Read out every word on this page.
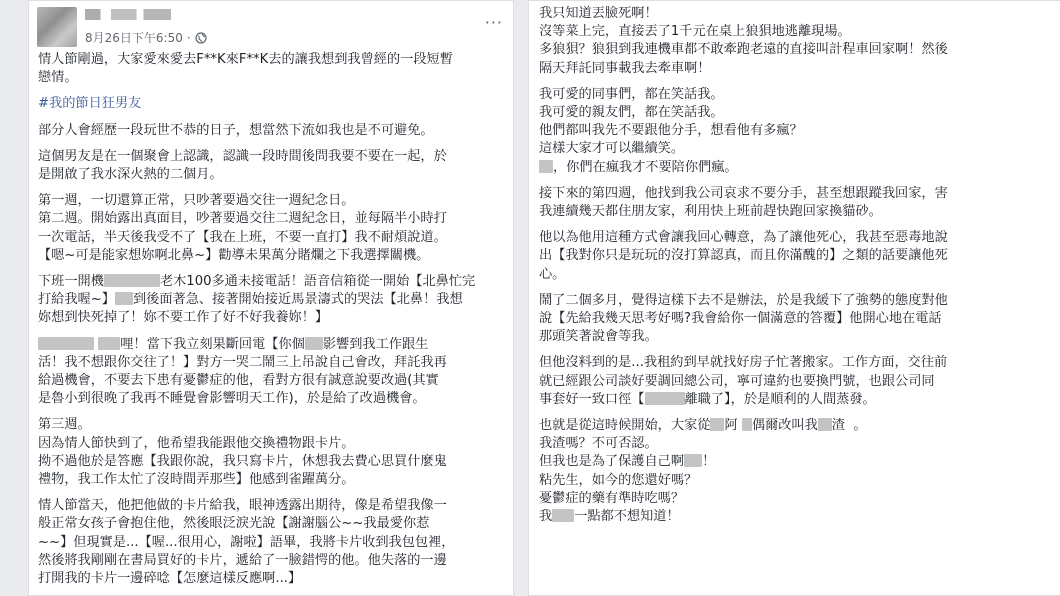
8月26日下午6:50 ·
···
情人節剛過，大家愛來愛去F**K來F**K去的讓我想到我曾經的一段短暫
戀情。
#我的節日狂男友
部分人會經歷一段玩世不恭的日子，想當然下流如我也是不可避免。
這個男友是在一個聚會上認識，認識一段時間後問我要不要在一起，於
是開啟了我水深火熱的二個月。
第一週，一切還算正常，只吵著要過交往一週紀念日。
第二週。開始露出真面目，吵著要過交往二週紀念日，並每隔半小時打
一次電話，半天後我受不了【我在上班，不要一直打】我不耐煩說道。
【嗯~可是能家想妳啊北鼻~】勸導未果萬分賭爛之下我選擇關機。
下班一開機	老木100多通未接電話！語音信箱從一開始【北鼻忙完
打給我喔~】 到後面著急、接著開始接近馬景濤式的哭法【北鼻！我想
妳想到快死掉了！妳不要工作了好不好我養妳！】
哩！當下我立刻果斷回電【你個 影響到我工作跟生
活！我不想跟你交往了！】對方一哭二鬧三上吊說自己會改，拜託我再
給過機會，不要去下患有憂鬱症的他，看對方很有誠意說要改過(其實
是魯小到很晚了我再不睡覺會影響明天工作)，於是給了改過機會。
第三週。
因為情人節快到了，他希望我能跟他交換禮物跟卡片。
拗不過他於是答應【我跟你說，我只寫卡片，休想我去費心思買什麼鬼
禮物，我工作太忙了沒時間弄那些】他感到雀躍萬分。
情人節當天，他把他做的卡片給我，眼神透露出期待，像是希望我像一
般正常女孩子會抱住他，然後眼泛淚光說【謝謝腦公~~我最愛你惹
~~】但現實是...【喔...很用心，謝啦】語畢，我將卡片收到我包包裡，
然後將我剛剛在書局買好的卡片，遞給了一臉錯愕的他。他失落的一邊
打開我的卡片一邊碎唸【怎麼這樣反應啊...】
我只知道丟臉死啊！
沒等菜上完，直接丟了1千元在桌上狼狽地逃離現場。
多狼狽？狼狽到我連機車都不敢牽跑老遠的直接叫計程車回家啊！然後
隔天拜託同事載我去牽車啊！
我可愛的同事們，都在笑話我。
我可愛的親友們，都在笑話我。
他們都叫我先不要跟他分手，想看他有多瘋？
這樣大家才可以繼續笑。
，你們在瘋我才不要陪你們瘋。
接下來的第四週，他找到我公司哀求不要分手，甚至想跟蹤我回家，害
我連續幾天都住朋友家，利用快上班前趕快跑回家換貓砂。
他以為他用這種方式會讓我回心轉意，為了讓他死心，我甚至惡毒地說
出【我對你只是玩玩的沒打算認真，而且你滿醜的】之類的話要讓他死
心。
鬧了二個多月，覺得這樣下去不是辦法，於是我緩下了強勢的態度對他
說【先給我幾天思考好嗎?我會給你一個滿意的答覆】他開心地在電話
那頭笑著說會等我。
但他沒料到的是...我租約到早就找好房子忙著搬家。工作方面，交往前
就已經跟公司談好要調回總公司，寧可違約也要換門號，也跟公司同
事套好一致口徑【	離職了】，於是順利的人間蒸發。
也就是從這時候開始，大家從 阿 偶爾改叫我 渣 。
我渣嗎？不可否認。
但我也是為了保護自己啊 ！
粘先生，如今的您還好嗎？
憂鬱症的藥有準時吃嗎？
我 一點都不想知道！
